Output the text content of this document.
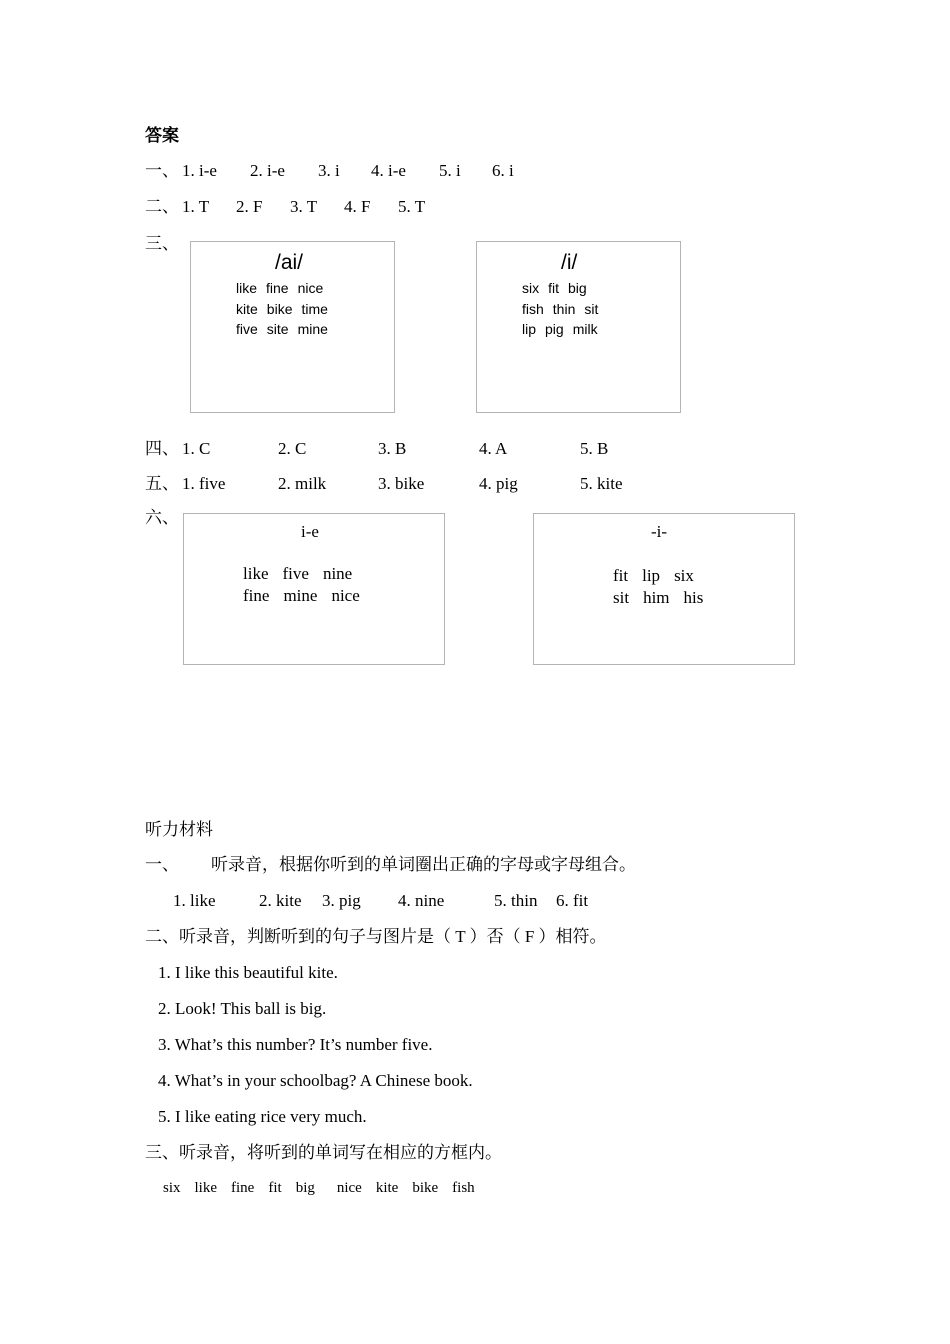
答案
一、 1. i-e 2. i-e 3. i 4. i-e 5. i 6. i
二、 1. T 2. F 3. T 4. F 5. T
三、
/ai/
like fine nice
kite bike time
five site mine
/i/
six fit big
fish thin sit
lip pig milk
四、 1. C	2. C	3. B	4. A	5. B
五、 1. five	2. milk	3. bike	4. pig	5. kite
六、
i-e
like five nine
fine mine nice
-i-
fit lip six
sit him his
听力材料
一、 听录音，根据你听到的单词圈出正确的字母或字母组合。
1. like	2. kite 3. pig 4. nine	5. thin 6. fit
二、听录音，判断听到的句子与图片是（ T ）否（ F ）相符。
1. I like this beautiful kite.
2. Look! This ball is big.
3. What’s this number? It’s number five.
4. What’s in your schoolbag? A Chinese book.
5. I like eating rice very much.
三、听录音，将听到的单词写在相应的方框内。
six like fine fit big nice kite bike fish
